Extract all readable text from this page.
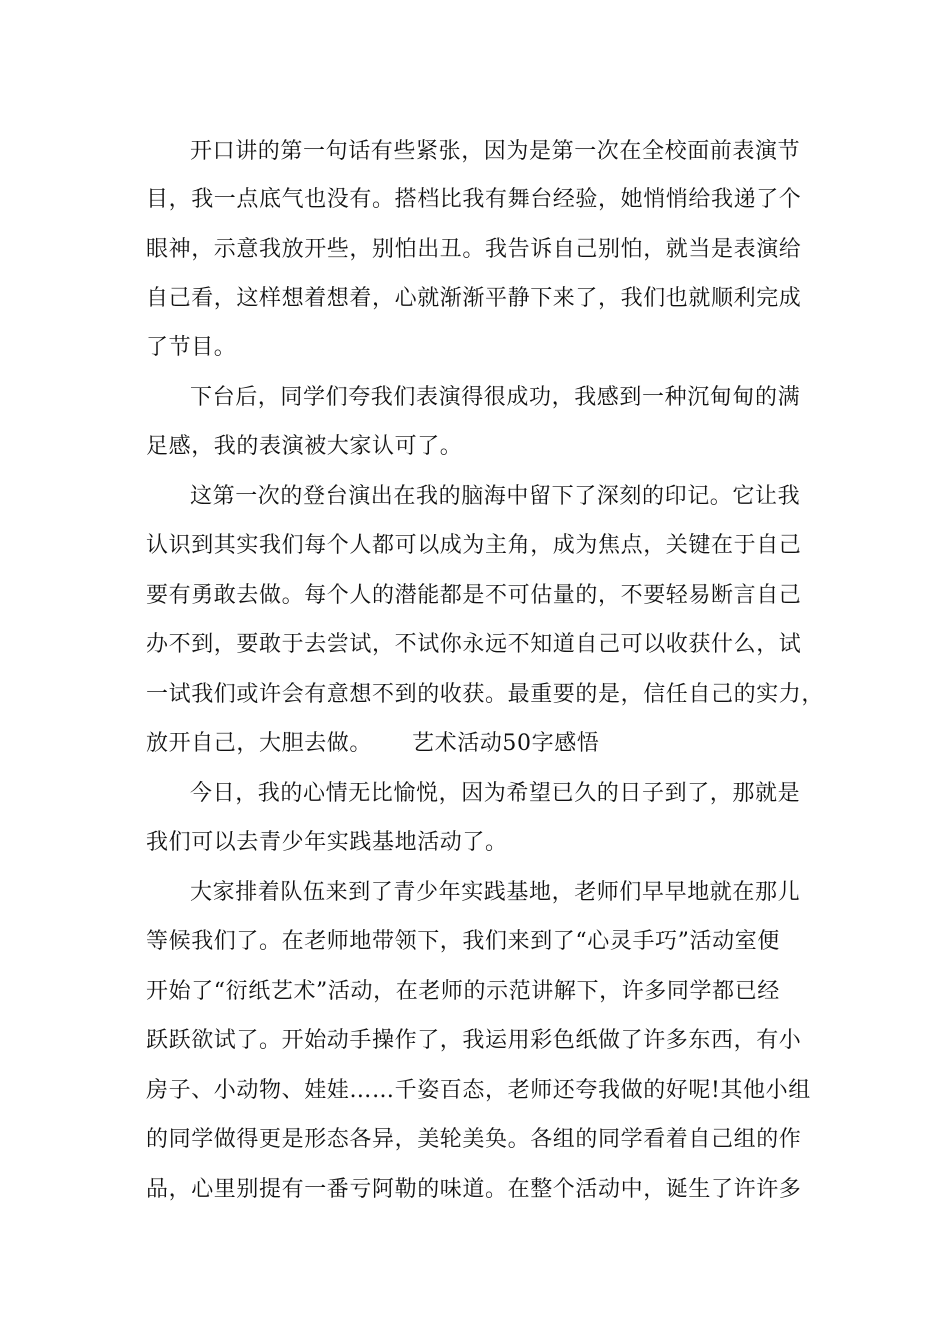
开口讲的第一句话有些紧张，因为是第一次在全校面前表演节
目，我一点底气也没有。搭档比我有舞台经验，她悄悄给我递了个
眼神，示意我放开些，别怕出丑。我告诉自己别怕，就当是表演给
自己看，这样想着想着，心就渐渐平静下来了，我们也就顺利完成
了节目。
下台后，同学们夸我们表演得很成功，我感到一种沉甸甸的满
足感，我的表演被大家认可了。
这第一次的登台演出在我的脑海中留下了深刻的印记。它让我
认识到其实我们每个人都可以成为主角，成为焦点，关键在于自己
要有勇敢去做。每个人的潜能都是不可估量的，不要轻易断言自己
办不到，要敢于去尝试，不试你永远不知道自己可以收获什么，试
一试我们或许会有意想不到的收获。最重要的是，信任自己的实力，
放开自己，大胆去做。 艺术活动50字感悟
今日，我的心情无比愉悦，因为希望已久的日子到了，那就是
我们可以去青少年实践基地活动了。
大家排着队伍来到了青少年实践基地，老师们早早地就在那儿
等候我们了。在老师地带领下，我们来到了“心灵手巧”活动室便
开始了“衍纸艺术”活动，在老师的示范讲解下，许多同学都已经
跃跃欲试了。开始动手操作了，我运用彩色纸做了许多东西，有小
房子、小动物、娃娃……千姿百态，老师还夸我做的好呢!其他小组
的同学做得更是形态各异，美轮美奂。各组的同学看着自己组的作
品，心里别提有一番亏阿勒的味道。在整个活动中，诞生了许许多
